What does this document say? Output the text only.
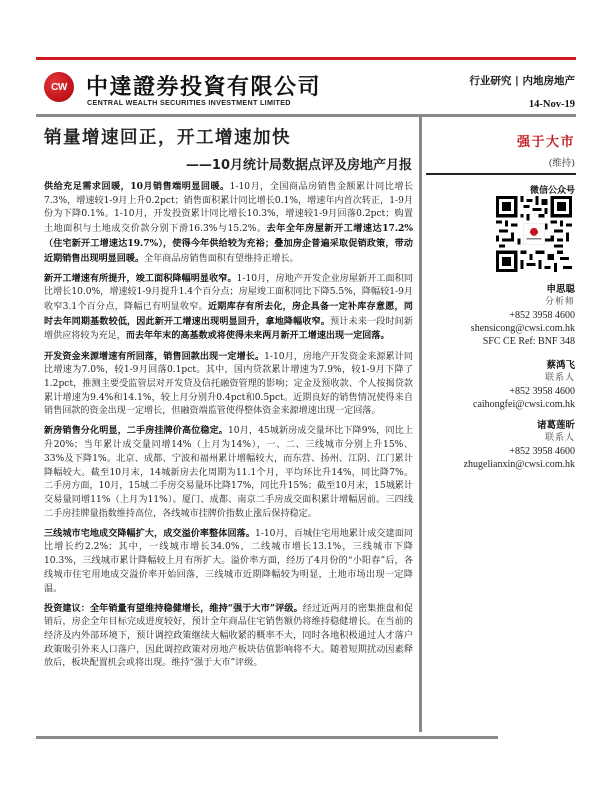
CW 中達證券投資有限公司
CENTRAL WEALTH SECURITIES INVESTMENT LIMITED
行业研究 | 内地房地产
14-Nov-19
销量增速回正，开工增速加快
——10月统计局数据点评及房地产月报
强于大市
(维持)
微信公众号
申思聪
分析师
+852 3958 4600
shensicong@cwsi.com.hk
SFC CE Ref: BNF 348
蔡鸿飞
联系人
+852 3958 4600
caihongfei@cwsi.com.hk
诸葛莲昕
联系人
+852 3958 4600
zhugelianxin@cwsi.com.hk

供给充足需求回暖，10月销售端明显回暖。1-10月，全国商品房销售金额累计同比增长7.3%，增速较1-9月上升0.2pct；销售面积累计同比增长0.1%，增速年内首次转正，1-9月份为下降0.1%。1-10月，开发投资累计同比增长10.3%，增速较1-9月回落0.2pct；购置土地面积与土地成交价款分别下滑16.3%与15.2%。去年全年房屋新开工增速达17.2%（住宅新开工增速达19.7%），使得今年供给较为充裕；叠加房企普遍采取促销政策，带动近期销售出现明显回暖。全年商品房销售面积有望维持正增长。

新开工增速有所提升，竣工面积降幅明显收窄。1-10月，房地产开发企业房屋新开工面积同比增长10.0%，增速较1-9月提升1.4个百分点；房屋竣工面积同比下降5.5%，降幅较1-9月收窄3.1个百分点，降幅已有明显收窄。近期库存有所去化，房企具备一定补库存意愿，同时去年同期基数较低，因此新开工增速出现明显回升，拿地降幅收窄。预计未来一段时间新增供应将较为充足，而去年年末的高基数或将使得未来两月新开工增速出现一定回落。

开发资金来源增速有所回落，销售回款出现一定增长。1-10月，房地产开发资金来源累计同比增速为7.0%，较1-9月回落0.1pct。其中，国内贷款累计增速为7.9%，较1-9月下降了1.2pct，推测主要受监管层对开发贷及信托融资管理的影响；定金及预收款、个人按揭贷款累计增速为9.4%和14.1%，较上月分别升0.4pct和0.5pct。近期良好的销售情况使得来自销售回款的资金出现一定增长，但融资端监管使得整体资金来源增速出现一定回落。

新房销售分化明显，二手房挂牌价高位稳定。10月，45城新房成交量环比下降9%，同比上升20%；当年累计成交量同增14%（上月为14%），一、二、三线城市分别上升15%、33%及下降1%。北京、成都、宁波和福州累计增幅较大，而东营、扬州、江阴、江门累计降幅较大。截至10月末，14城新房去化周期为11.1个月，平均环比升14%，同比降7%。二手房方面，10月，15城二手房交易量环比降17%，同比升15%；截至10月末，15城累计交易量同增11%（上月为11%）。厦门、成都、南京二手房成交面积累计增幅居前。三四线二手房挂牌量指数维持高位，各线城市挂牌价指数止涨后保持稳定。

三线城市宅地成交降幅扩大，成交溢价率整体回落。1-10月，百城住宅用地累计成交建面同比增长约2.2%；其中，一线城市增长34.0%，二线城市增长13.1%，三线城市下降10.3%，三线城市累计降幅较上月有所扩大。溢价率方面，经历了4月份的“小阳春”后，各线城市住宅用地成交溢价率开始回落，三线城市近期降幅较为明显，土地市场出现一定降温。

投资建议：全年销量有望维持稳健增长，维持“强于大市”评级。经过近两月的密集推盘和促销后，房企全年目标完成进度较好，预计全年商品住宅销售额仍将维持稳健增长。在当前的经济及内外部环境下，预计调控政策继续大幅收紧的概率不大，同时各地积极通过人才落户政策吸引外来人口落户，因此调控政策对房地产板块估值影响将不大。随着短期扰动因素释放后，板块配置机会或将出现。维持“强于大市”评级。
